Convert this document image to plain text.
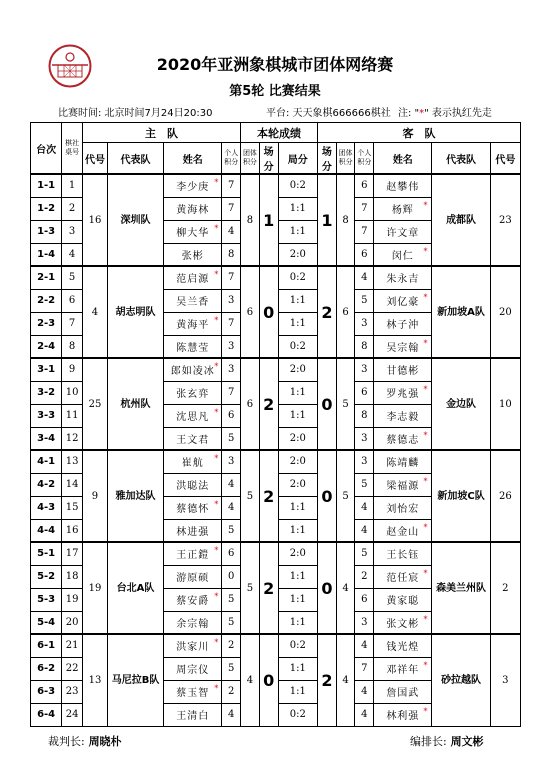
2020年亚洲象棋城市团体网络赛
第5轮 比赛结果
比赛时间: 北京时间7月24日20:30	平台: 天天象棋666666棋社 注: "*" 表示执红先走
台次	棋社 桌号	主　队				本轮成绩			客　队					
		代号	代表队	姓名	个人积分	团体积分	场分	局分	场分	团体积分	个人积分	姓名	代表队	代号
1-1	1	16	深圳队	李少庚 *	7	8	1	0:2	1	8	6	赵攀伟	成都队	23
1-2	2			黄海林	7			1:1			7	杨辉 *		

1-3	3			柳大华 *	4			1:1			7	许文章		

1-4	4			张彬	8			2:0			6	闵仁 *		

2-1	5	4	胡志明队	范启源 *	7	6	0	0:2	2	6	4	朱永吉	新加坡A队	20
2-2	6			吴兰香	3			1:1			5	刘亿豪 *		

2-3	7			黄海平 *	7			1:1			3	林子沖		

2-4	8			陈慧莹	3			0:2			8	吴宗翰 *		

3-1	9	25	杭州队	郎如凌冰 *	3	6	2	2:0	0	5	3	甘德彬	金边队	10
3-2	10			张玄弈	7			1:1			6	罗兆强 *		

3-3	11			沈思凡 *	6			1:1			8	李志毅		

3-4	12			王文君	5			2:0			3	蔡德志 *		

4-1	13	9	雅加达队	崔航 *	3	5	2	2:0	0	5	3	陈靖麟	新加坡C队	26
4-2	14			洪聪法	4			2:0			5	梁福源 *		

4-3	15			蔡德怀 *	4			1:1			4	刘怡宏		

4-4	16			林进强	5			1:1			4	赵金山 *		

5-1	17	19	台北A队	王正鎧 *	6	5	2	2:0	0	4	5	王长钰	森美兰州队	2
5-2	18			游原硕	0			1:1			2	范任宸 *		

5-3	19			蔡安爵 *	5			1:1			6	黄家聪		

5-4	20			余宗翰	5			1:1			3	张文彬 *		

6-1	21	13	马尼拉B队	洪家川 *	2	4	0	0:2	2	4	4	钱光煌	砂拉越队	3
6-2	22			周宗仪	5			1:1			7	邓祥年 *		

6-3	23			蔡玉智 *	2			1:1			4	詹国武		

6-4	24			王清白	4			0:2			4	林利强 *		
裁判长: 周晓朴	编排长: 周文彬
